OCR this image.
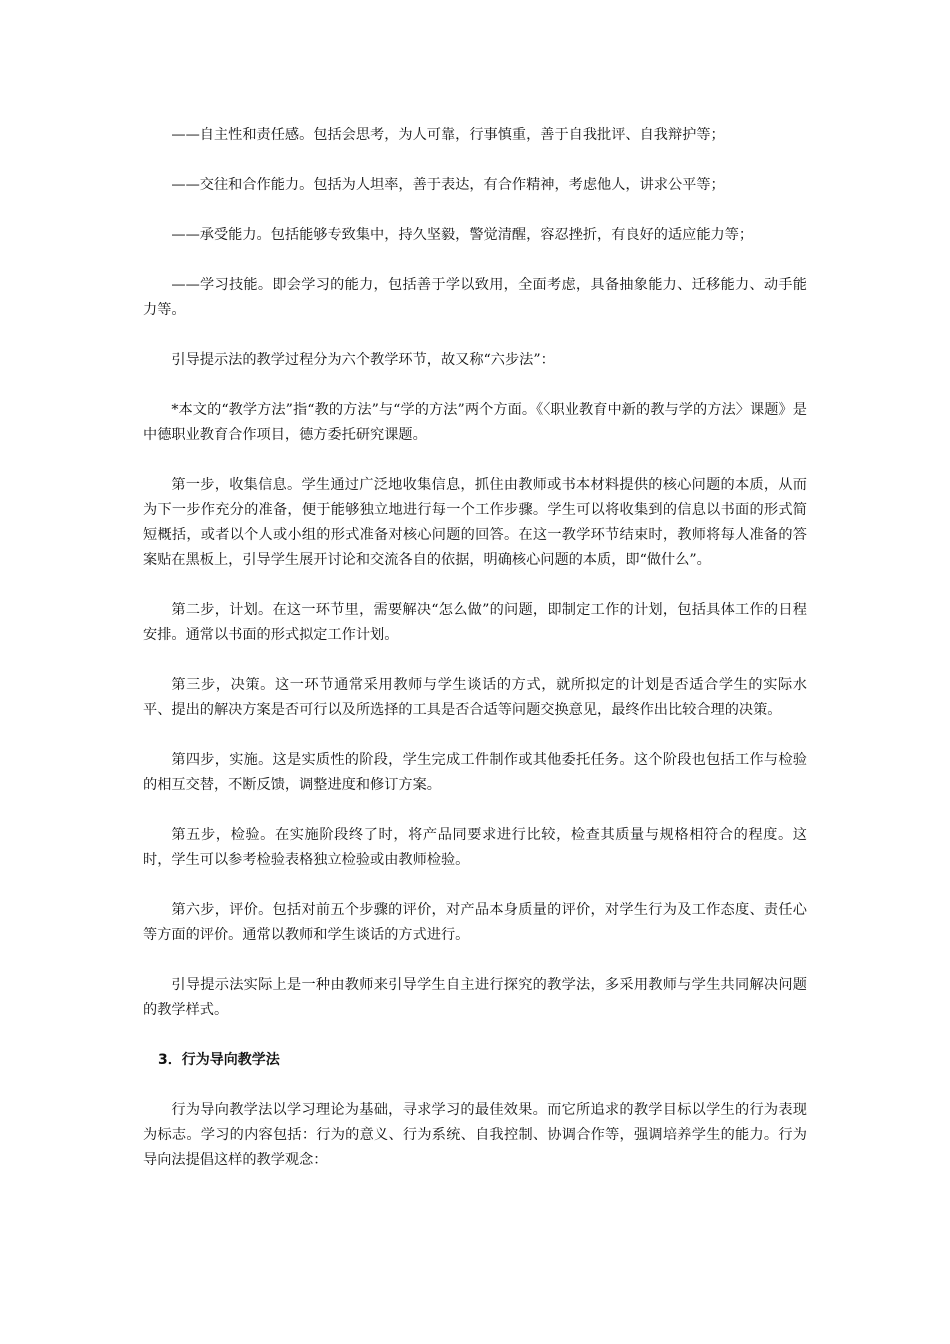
——自主性和责任感。包括会思考，为人可靠，行事慎重，善于自我批评、自我辩护等；

——交往和合作能力。包括为人坦率，善于表达，有合作精神，考虑他人，讲求公平等；

——承受能力。包括能够专致集中，持久坚毅，警觉清醒，容忍挫折，有良好的适应能力等；

——学习技能。即会学习的能力，包括善于学以致用，全面考虑，具备抽象能力、迁移能力、动手能力等。

引导提示法的教学过程分为六个教学环节，故又称“六步法”：

*本文的“教学方法”指“教的方法”与“学的方法”两个方面。《〈职业教育中新的教与学的方法〉课题》是中德职业教育合作项目，德方委托研究课题。

第一步，收集信息。学生通过广泛地收集信息，抓住由教师或书本材料提供的核心问题的本质，从而为下一步作充分的准备，便于能够独立地进行每一个工作步骤。学生可以将收集到的信息以书面的形式简短概括，或者以个人或小组的形式准备对核心问题的回答。在这一教学环节结束时，教师将每人准备的答案贴在黑板上，引导学生展开讨论和交流各自的依据，明确核心问题的本质，即“做什么”。

第二步，计划。在这一环节里，需要解决“怎么做”的问题，即制定工作的计划，包括具体工作的日程安排。通常以书面的形式拟定工作计划。

第三步，决策。这一环节通常采用教师与学生谈话的方式，就所拟定的计划是否适合学生的实际水平、提出的解决方案是否可行以及所选择的工具是否合适等问题交换意见，最终作出比较合理的决策。

第四步，实施。这是实质性的阶段，学生完成工件制作或其他委托任务。这个阶段也包括工作与检验的相互交替，不断反馈，调整进度和修订方案。

第五步，检验。在实施阶段终了时，将产品同要求进行比较，检查其质量与规格相符合的程度。这时，学生可以参考检验表格独立检验或由教师检验。

第六步，评价。包括对前五个步骤的评价，对产品本身质量的评价，对学生行为及工作态度、责任心等方面的评价。通常以教师和学生谈话的方式进行。

引导提示法实际上是一种由教师来引导学生自主进行探究的教学法，多采用教师与学生共同解决问题的教学样式。

3．行为导向教学法

行为导向教学法以学习理论为基础，寻求学习的最佳效果。而它所追求的教学目标以学生的行为表现为标志。学习的内容包括：行为的意义、行为系统、自我控制、协调合作等，强调培养学生的能力。行为导向法提倡这样的教学观念：
